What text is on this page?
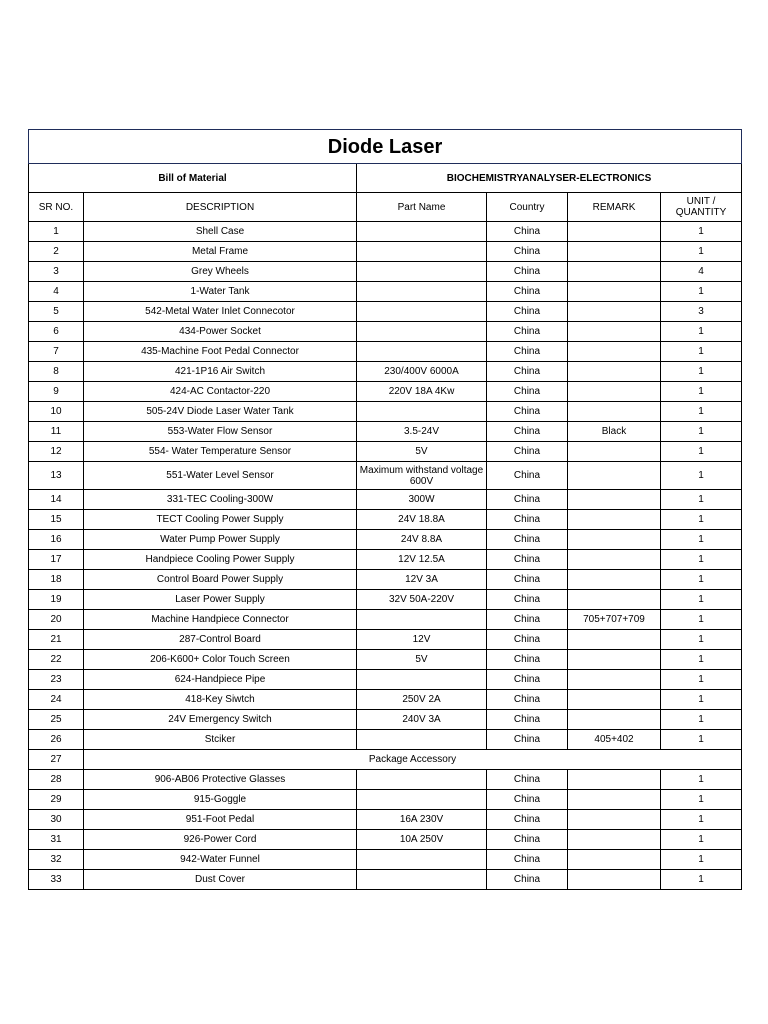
Diode Laser					
Bill of Material		BIOCHEMISTRYANALYSER-ELECTRONICS			
SR NO.	DESCRIPTION	Part Name	Country	REMARK	UNIT /
QUANTITY
1	Shell Case		China		1
2	Metal Frame		China		1
3	Grey Wheels		China		4
4	1-Water Tank		China		1
5	542-Metal Water Inlet Connecotor		China		3
6	434-Power Socket		China		1
7	435-Machine Foot Pedal Connector		China		1
8	421-1P16 Air Switch	230/400V 6000A	China		1
9	424-AC Contactor-220	220V 18A 4Kw	China		1
10	505-24V Diode Laser Water Tank		China		1
11	553-Water Flow Sensor	3.5-24V	China	Black	1
12	554- Water Temperature Sensor	5V	China		1
13	551-Water Level Sensor	Maximum withstand voltage 600V	China		1
14	331-TEC Cooling-300W	300W	China		1
15	TECT Cooling Power Supply	24V 18.8A	China		1
16	Water Pump Power Supply	24V 8.8A	China		1
17	Handpiece Cooling Power Supply	12V 12.5A	China		1
18	Control Board Power Supply	12V 3A	China		1
19	Laser Power Supply	32V 50A-220V	China		1
20	Machine Handpiece Connector		China	705+707+709	1
21	287-Control Board	12V	China		1
22	206-K600+ Color Touch Screen	5V	China		1
23	624-Handpiece Pipe		China		1
24	418-Key Siwtch	250V 2A	China		1
25	24V Emergency Switch	240V 3A	China		1
26	Stciker		China	405+402	1
27	Package Accessory				
28	906-AB06 Protective Glasses		China		1
29	915-Goggle		China		1
30	951-Foot Pedal	16A 230V	China		1
31	926-Power Cord	10A 250V	China		1
32	942-Water Funnel		China		1
33	Dust Cover		China		1
